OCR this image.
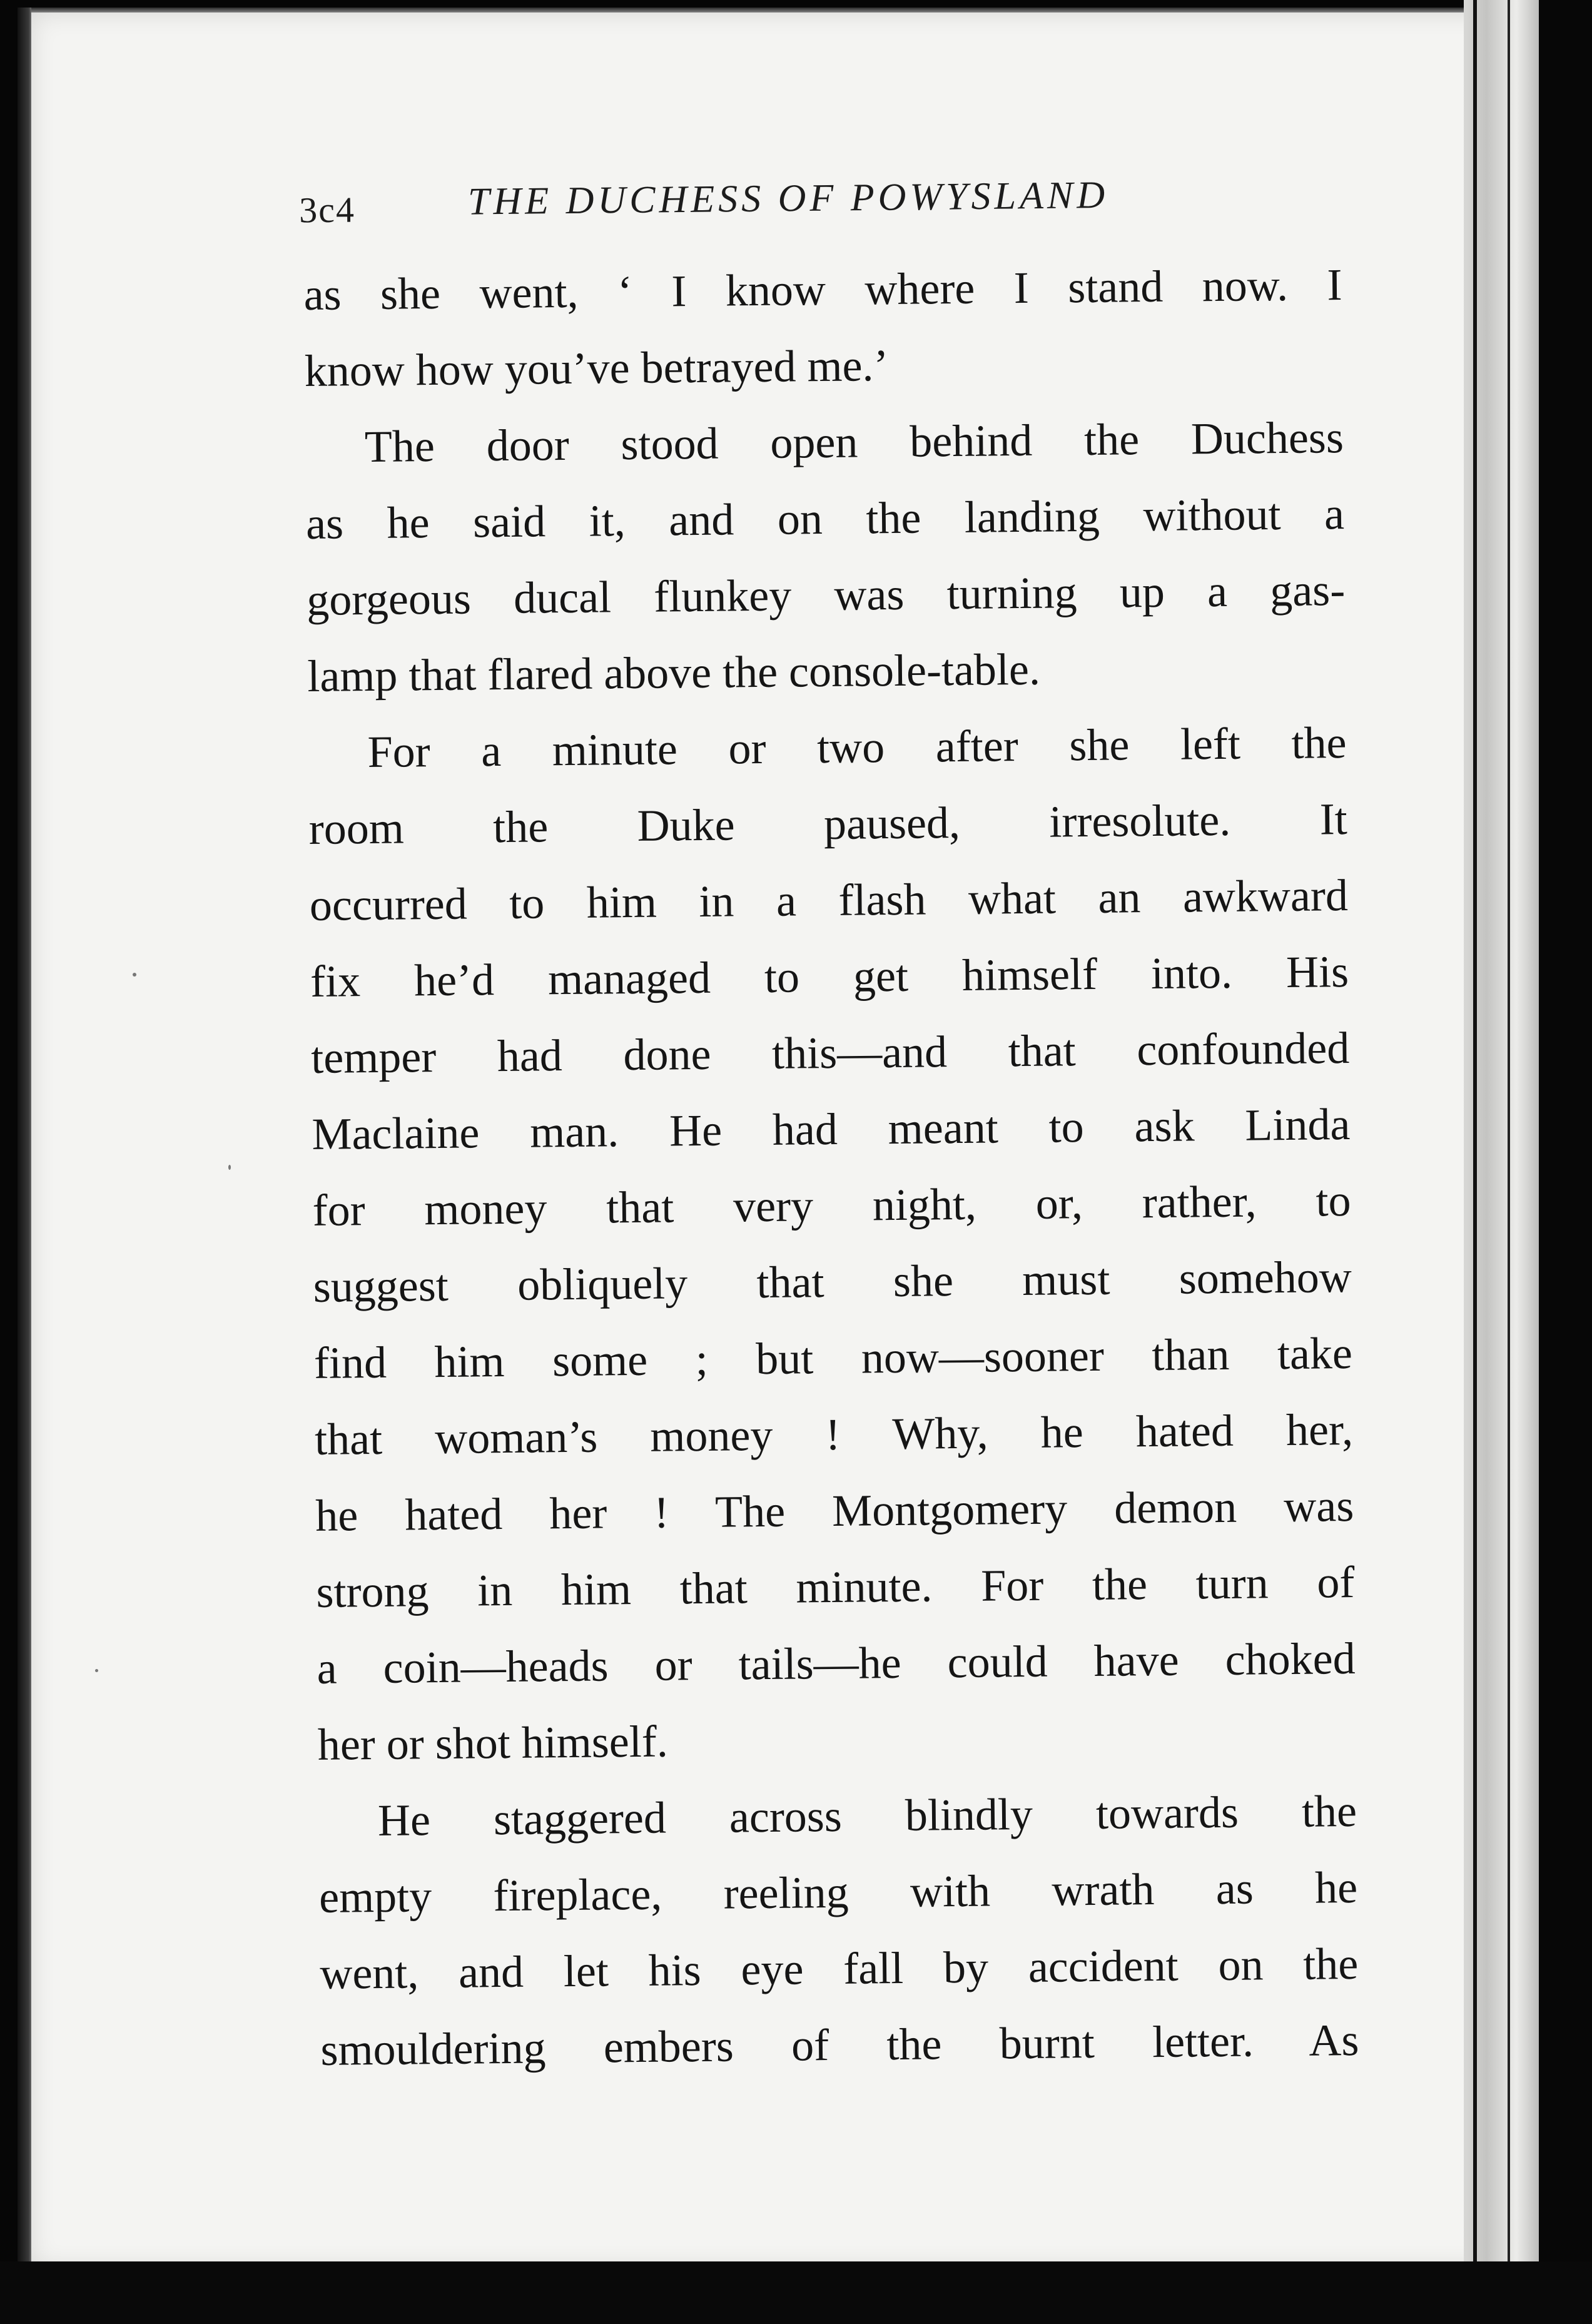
3c4	THE DUCHESS OF POWYSLAND
as she went, ‘ I know where I stand now. I
know how you’ve betrayed me.’
The door stood open behind the Duchess
as he said it, and on the landing without a
gorgeous ducal flunkey was turning up a gas-
lamp that flared above the console-table.
For a minute or two after she left the
room the Duke paused, irresolute. It
occurred to him in a flash what an awkward
fix he’d managed to get himself into. His
temper had done this—and that confounded
Maclaine man. He had meant to ask Linda
for money that very night, or, rather, to
suggest obliquely that she must somehow
find him some ; but now—sooner than take
that woman’s money ! Why, he hated her,
he hated her ! The Montgomery demon was
strong in him that minute. For the turn of
a coin—heads or tails—he could have choked
her or shot himself.
He staggered across blindly towards the
empty fireplace, reeling with wrath as he
went, and let his eye fall by accident on the
smouldering embers of the burnt letter. As
